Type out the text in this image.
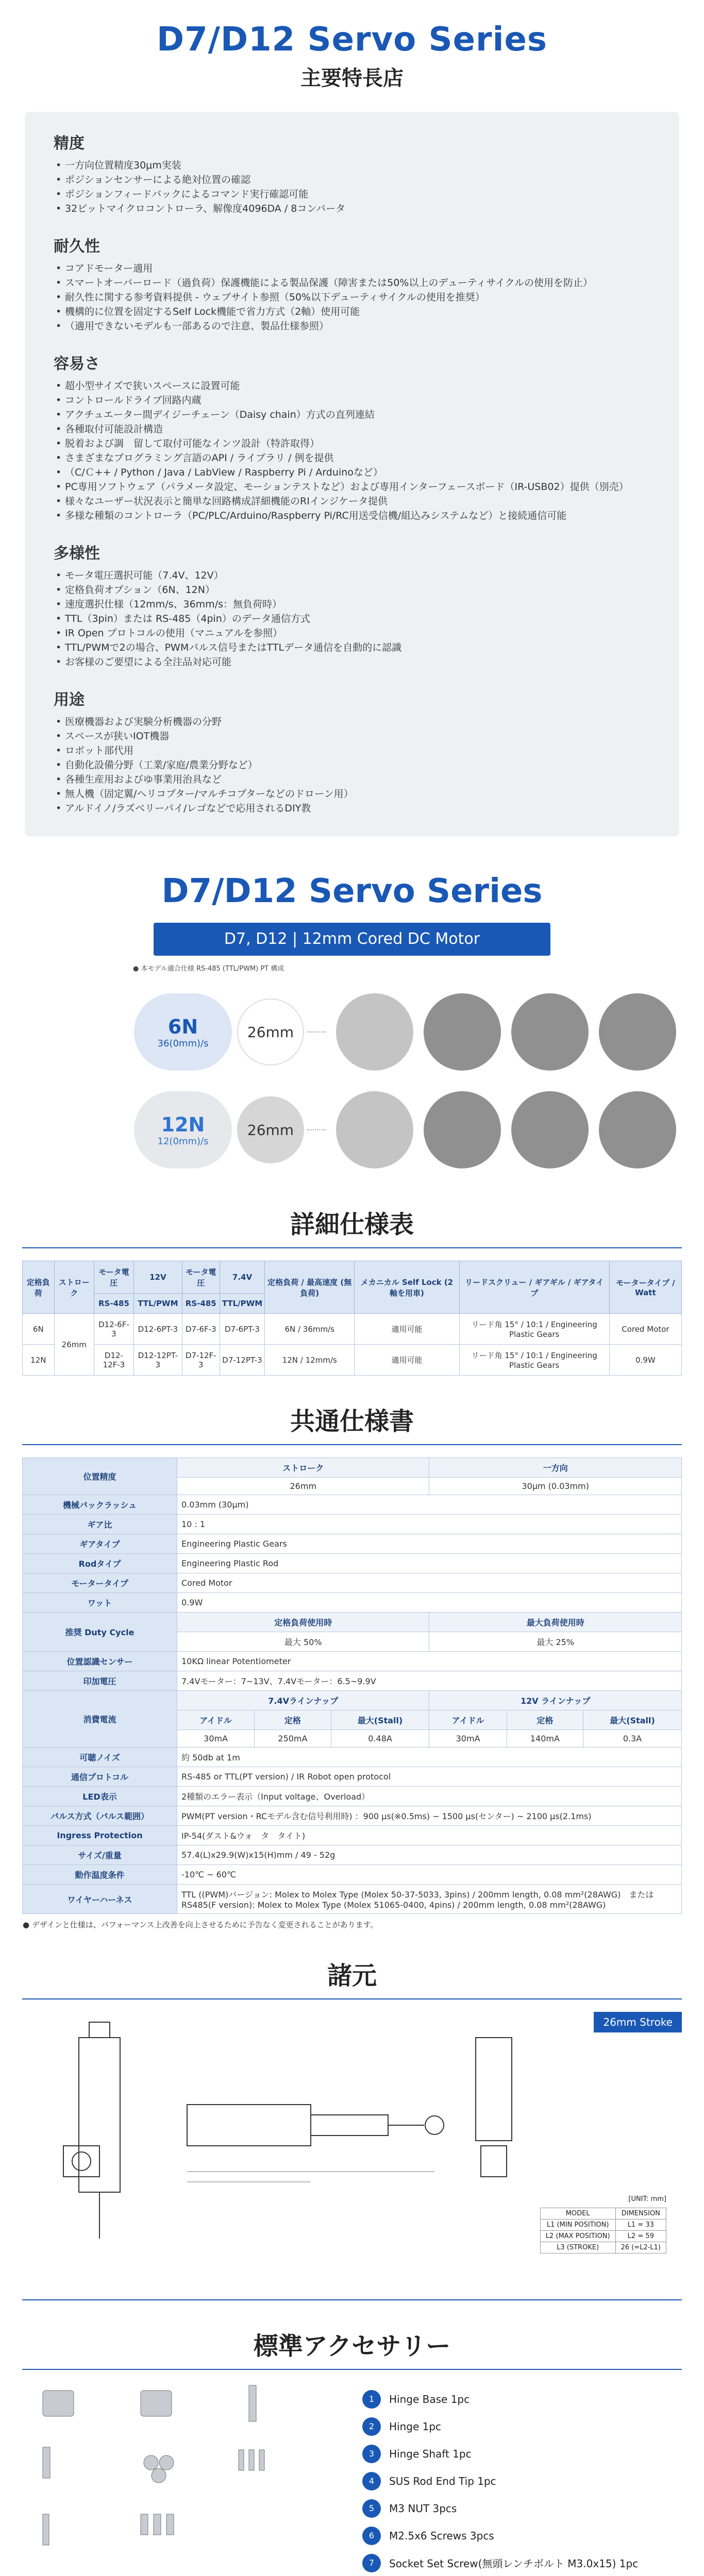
D7/D12 Servo Series
主要特長店
精度
• 一方向位置精度30μm実装
• ポジションセンサーによる絶対位置の確認
• ポジションフィードバックによるコマンド実行確認可能
• 32ビットマイクロコントローラ、解像度4096DA / 8コンバータ
耐久性
• コアドモーター適用
• スマートオーバーロード（過負荷）保護機能による製品保護（障害または50%以上のデューティサイクルの使用を防止）
• 耐久性に関する参考資料提供 - ウェブサイト参照（50%以下デューティサイクルの使用を推奨）
• 機構的に位置を固定するSelf Lock機能で省力方式（2軸）使用可能
• （適用できないモデルも一部あるので注意、製品仕様参照）
容易さ
• 超小型サイズで狭いスペースに設置可能
• コントロールドライブ回路内蔵
• アクチュエーター間デイジーチェーン（Daisy chain）方式の直列連結
• 各種取付可能設計構造
• 脱着および調　留して取付可能なインツ設計（特許取得）
• さまざまなプログラミング言語のAPI / ライブラリ / 例を提供
• （C/Ｃ++ / Python / Java / LabView / Raspberry Pi / Arduinoなど）
• PC専用ソフトウェア（パラメータ設定、モーションテストなど）および専用インターフェースボード（IR-USB02）提供（別売）
• 様々なユーザー状況表示と簡単な回路構成詳細機能のRIインジケータ提供
• 多様な種類のコントローラ（PC/PLC/Arduino/Raspberry Pi/RC用送受信機/組込みシステムなど）と接続通信可能
多様性
• モータ電圧選択可能（7.4V、12V）
• 定格負荷オプション（6N、12N）
• 速度選択仕様（12mm/s、36mm/s：無負荷時）
• TTL（3pin）または RS-485（4pin）のデータ通信方式
• IR Open プロトコルの使用（マニュアルを参照）
• TTL/PWMで2の場合、PWMパルス信号またはTTLデータ通信を自動的に認識
• お客様のご要望による全注品対応可能
用途
• 医療機器および実験分析機器の分野
• スペースが狭いIOT機器
• ロボット部代用
• 自動化設備分野（工業/家庭/農業分野など）
• 各種生産用およびゆ事業用治具など
• 無人機（固定翼/ヘリコプター/マルチコプターなどのドローン用）
• アルドイノ/ラズベリーパイ/レゴなどで応用されるDIY教
D7/D12 Servo Series
D7, D12 | 12mm Cored DC Motor
● 本モデル適合仕様 RS-485 (TTL/PWM) PT 構成
6N
36(0mm)/s
26mm
12N
12(0mm)/s
26mm
詳細仕様表
定格負荷	ストローク	モータ電圧	12V	モータ電圧	7.4V	定格負荷 / 最高速度 (無負荷)	メカニカル Self Lock (2軸を用車)	リードスクリュー / ギアギル / ギアタイプ	モータータイプ / Watt
		RS-485	TTL/PWM	RS-485	TTL/PWM				
6N	26mm	D12-6F-3	D12-6PT-3	D7-6F-3	D7-6PT-3	6N / 36mm/s	適用可能	リード角 15° / 10:1 / Engineering Plastic Gears	Cored Motor
12N		D12-12F-3	D12-12PT-3	D7-12F-3	D7-12PT-3	12N / 12mm/s	適用可能	リード角 15° / 10:1 / Engineering Plastic Gears	0.9W
共通仕様書
位置精度	ストローク			一方向		
	26mm			30μm (0.03mm)		
機械バックラッシュ	0.03mm (30μm)					
ギア比	10 : 1					
ギアタイプ	Engineering Plastic Gears					
Rodタイプ	Engineering Plastic Rod					
モータータイプ	Cored Motor					
ワット	0.9W					
推奨 Duty Cycle	定格負荷使用時			最大負荷使用時		
	最大 50%			最大 25%		
位置認識センサー	10KΩ linear Potentiometer					
印加電圧	7.4Vモーター：7~13V、7.4Vモーター：6.5~9.9V					
消費電流	7.4Vラインナップ			12V ラインナップ		
	アイドル	定格	最大(Stall)	アイドル	定格	最大(Stall)
	30mA	250mA	0.48A	30mA	140mA	0.3A
可聴ノイズ	約 50db at 1m					
通信プロトコル	RS-485 or TTL(PT version) / IR Robot open protocol					
LED表示	2種類のエラー表示（Input voltage、Overload）					
パルス方式（パルス範囲）	PWM(PT version・RCモデル含む信号利用時) ：900 μs(※0.5ms) ~ 1500 μs(センター) ~ 2100 μs(2.1ms)					
Ingress Protection	IP-54(ダスト&ウォ　タ　タイト)					
サイズ/重量	57.4(L)x29.9(W)x15(H)mm / 49 - 52g					
動作温度条件	-10℃ ~ 60℃					
ワイヤーハーネス	TTL ((PWM)バージョン: Molex to Molex Type (Molex 50-37-5033, 3pins) / 200mm length, 0.08 mm²(28AWG)　または RS485(F version): Molex to Molex Type (Molex 51065-0400, 4pins) / 200mm length, 0.08 mm²(28AWG)					
● デザインと仕様は、パフォーマンス上改善を向上させるために予告なく変更されることがあります。
諸元
26mm Stroke
[UNIT: mm]
MODEL	DIMENSION
L1 (MIN POSITION)	L1 = 33
L2 (MAX POSITION)	L2 = 59
L3 (STROKE)	26 (=L2-L1)
標準アクセサリー
1	Hinge Base 1pc
2	Hinge 1pc
3	Hinge Shaft 1pc
4	SUS Rod End Tip 1pc
5	M3 NUT 3pcs
6	M2.5x6 Screws 3pcs
7	Socket Set Screw(無頭レンチボルト M3.0x15) 1pc
